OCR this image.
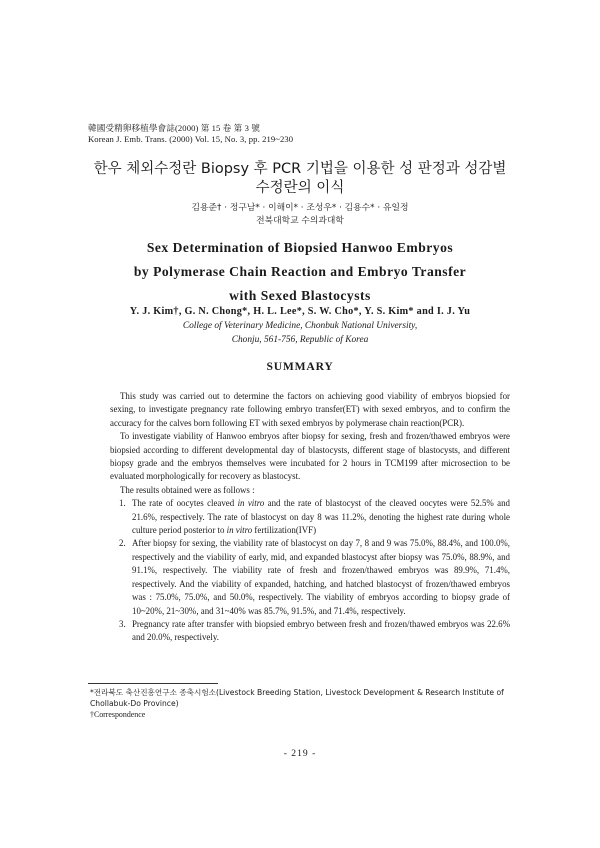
韓國受精卵移植學會誌(2000) 第 15 卷 第 3 號
Korean J. Emb. Trans. (2000) Vol. 15, No. 3, pp. 219~230
한우 체외수정란 Biopsy 후 PCR 기법을 이용한 성 판정과 성감별
수정란의 이식
김용준† · 정구남* · 이해이* · 조성우* · 김용수* · 유일정
전북대학교 수의과대학
Sex Determination of Biopsied Hanwoo Embryos
by Polymerase Chain Reaction and Embryo Transfer
with Sexed Blastocysts
Y. J. Kim†, G. N. Chong*, H. L. Lee*, S. W. Cho*, Y. S. Kim* and I. J. Yu
College of Veterinary Medicine, Chonbuk National University,
Chonju, 561-756, Republic of Korea
SUMMARY

This study was carried out to determine the factors on achieving good viability of embryos biopsied for sexing, to investigate pregnancy rate following embryo transfer(ET) with sexed embryos, and to confirm the accuracy for the calves born following ET with sexed embryos by polymerase chain reaction(PCR).

To investigate viability of Hanwoo embryos after biopsy for sexing, fresh and frozen/thawed embryos were biopsied according to different developmental day of blastocysts, different stage of blastocysts, and different biopsy grade and the embryos themselves were incubated for 2 hours in TCM199 after microsection to be evaluated morphologically for recovery as blastocyst.

The results obtained were as follows :

1. The rate of oocytes cleaved in vitro and the rate of blastocyst of the cleaved oocytes were 52.5% and 21.6%, respectively. The rate of blastocyst on day 8 was 11.2%, denoting the highest rate during whole culture period posterior to in vitro fertilization(IVF)
2. After biopsy for sexing, the viability rate of blastocyst on day 7, 8 and 9 was 75.0%, 88.4%, and 100.0%, respectively and the viability of early, mid, and expanded blastocyst after biopsy was 75.0%, 88.9%, and 91.1%, respectively. The viability rate of fresh and frozen/thawed embryos was 89.9%, 71.4%, respectively. And the viability of expanded, hatching, and hatched blastocyst of frozen/thawed embryos was : 75.0%, 75.0%, and 50.0%, respectively. The viability of embryos according to biopsy grade of 10~20%, 21~30%, and 31~40% was 85.7%, 91.5%, and 71.4%, respectively.
3. Pregnancy rate after transfer with biopsied embryo between fresh and frozen/thawed embryos was 22.6% and 20.0%, respectively.
*전라북도 축산진흥연구소 종축시험소(Livestock Breeding Station, Livestock Development & Research Institute of Chollabuk-Do Province)
†Correspondence
- 219 -
